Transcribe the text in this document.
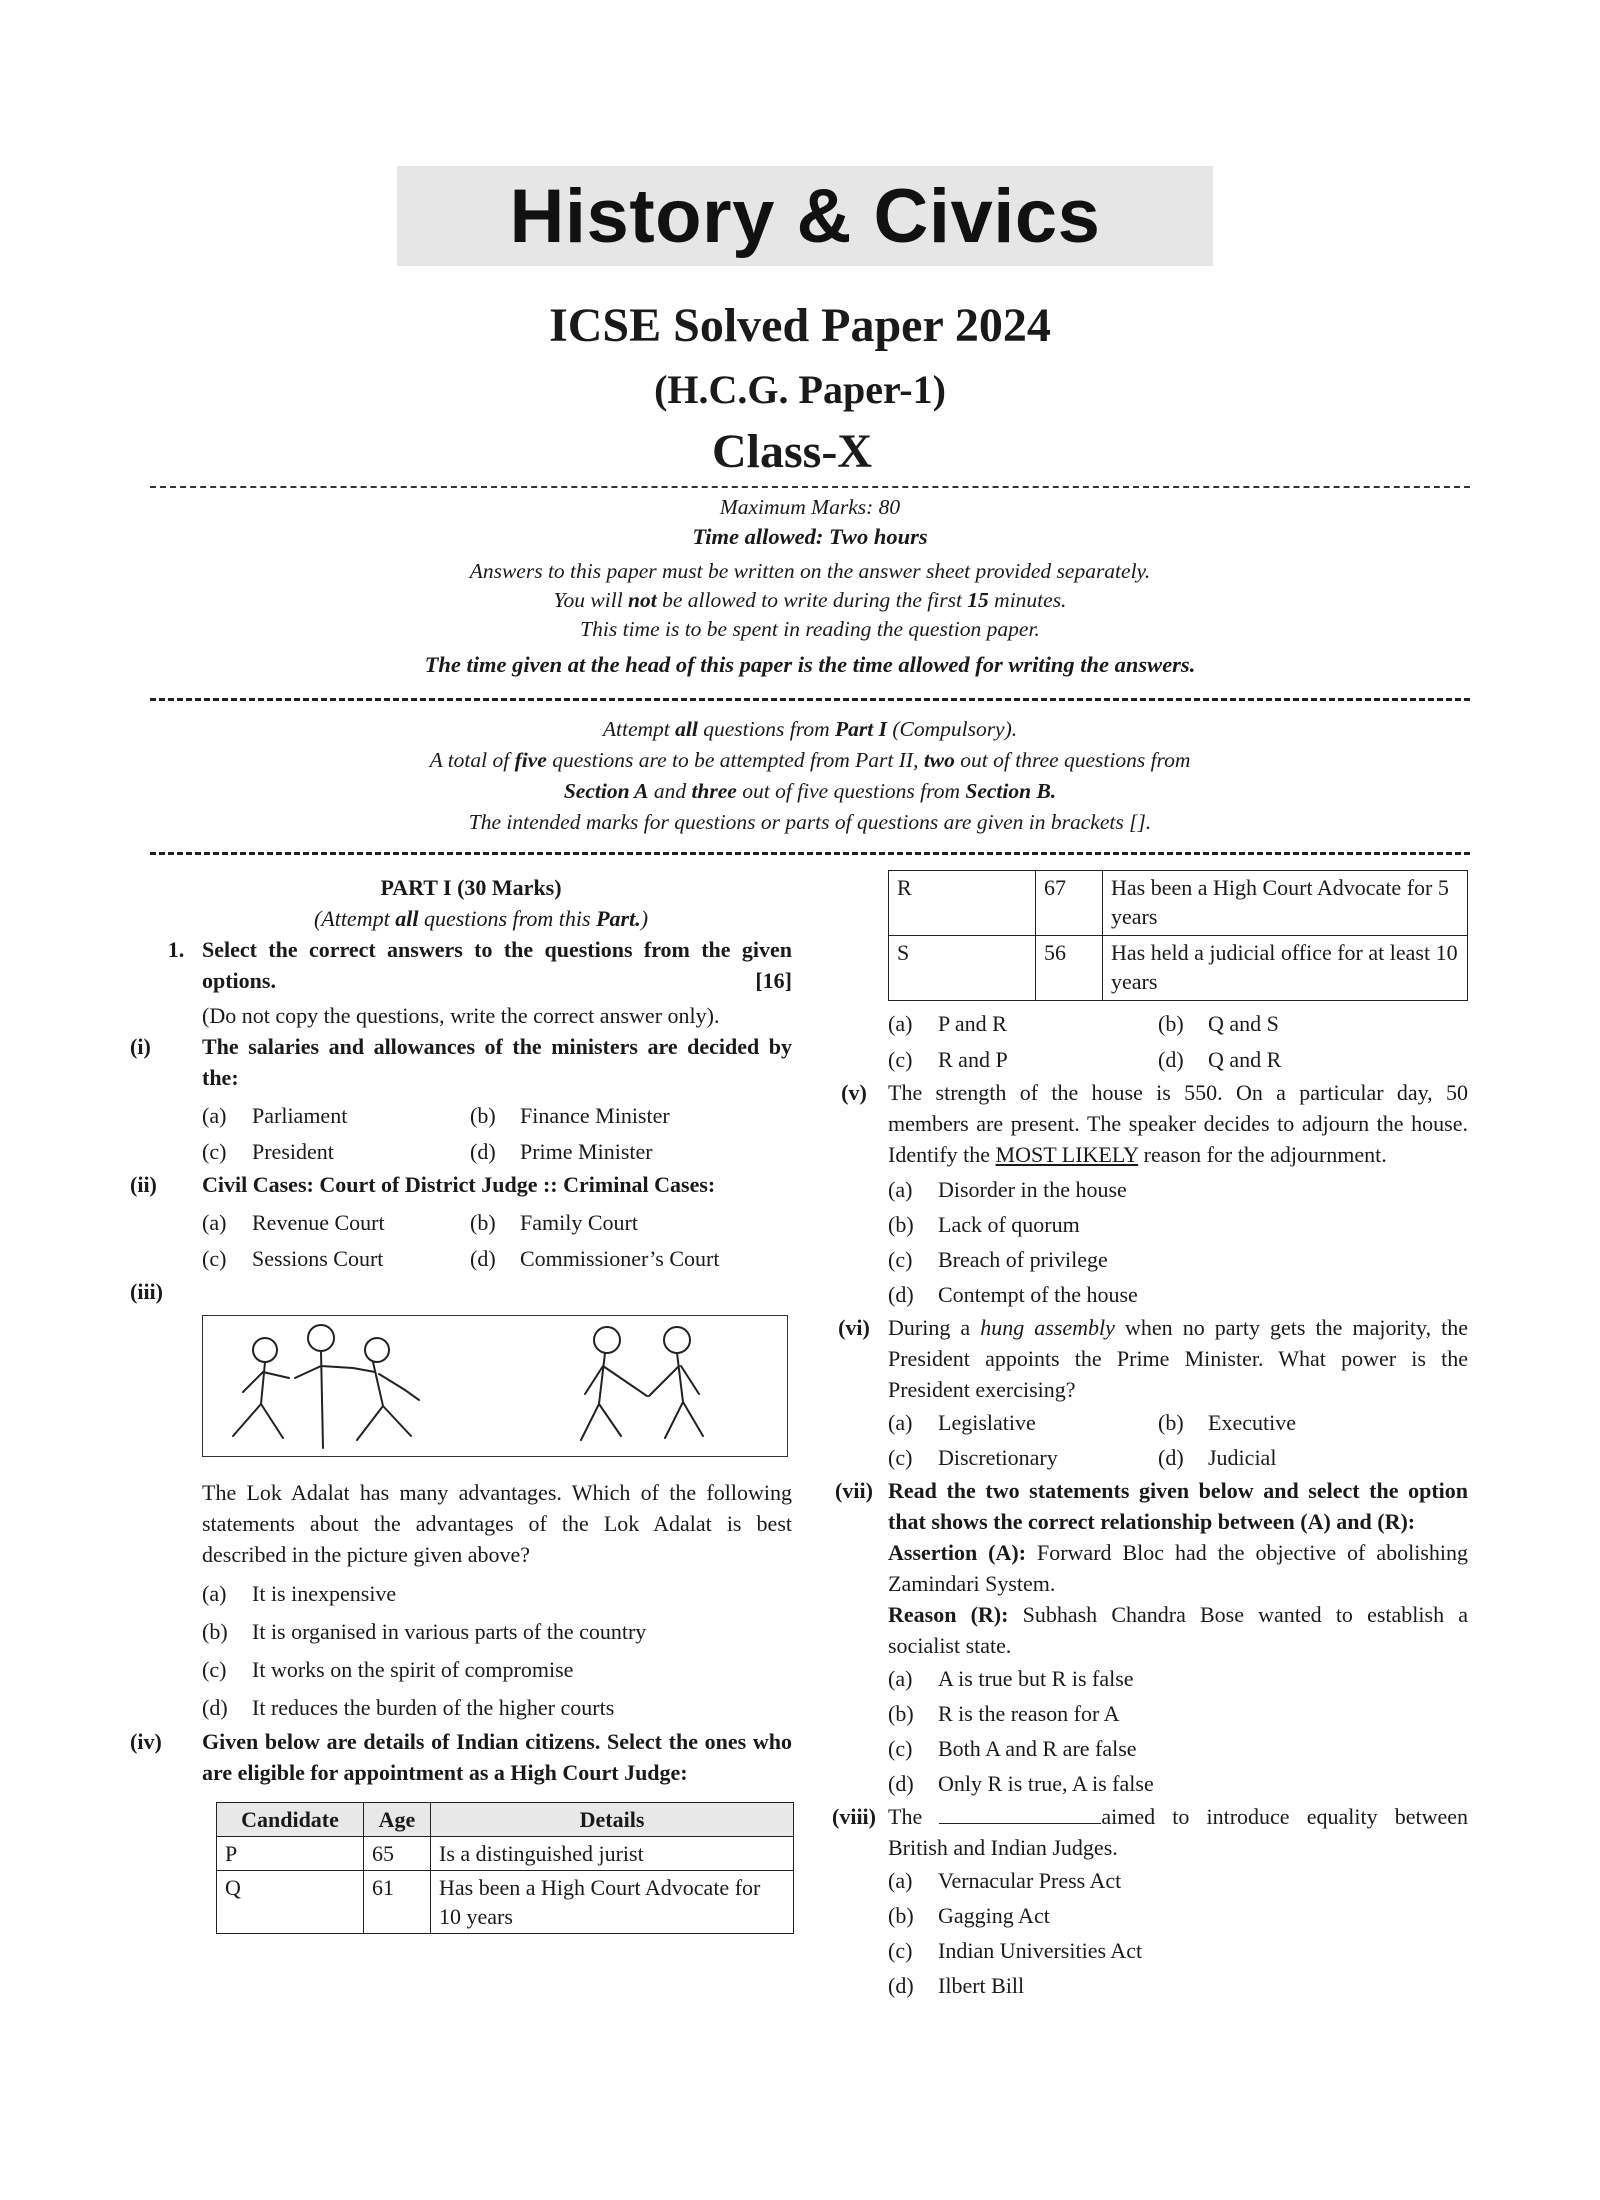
History & Civics
ICSE Solved Paper 2024
(H.C.G. Paper-1)
Class-X

Maximum Marks: 80

Time allowed: Two hours

Answers to this paper must be written on the answer sheet provided separately.

You will not be allowed to write during the first 15 minutes.

This time is to be spent in reading the question paper.

The time given at the head of this paper is the time allowed for writing the answers.

Attempt all questions from Part I (Compulsory).

A total of five questions are to be attempted from Part II, two out of three questions from

Section A and three out of five questions from Section B.

The intended marks for questions or parts of questions are given in brackets [].

PART I (30 Marks)
(Attempt all questions from this Part.)
1. Select the correct answers to the questions from the given options.	[16]
(Do not copy the questions, write the correct answer only).
(i)	The salaries and allowances of the ministers are decided by the:
(a)	Parliament	(b)	Finance Minister
(c)	President	(d)	Prime Minister
(ii)	Civil Cases: Court of District Judge :: Criminal Cases:
(a)	Revenue Court	(b)	Family Court
(c)	Sessions Court	(d)	Commissioner’s Court
(iii)
The Lok Adalat has many advantages. Which of the following statements about the advantages of the Lok Adalat is best described in the picture given above?
(a)	It is inexpensive
(b)	It is organised in various parts of the country
(c)	It works on the spirit of compromise
(d)	It reduces the burden of the higher courts
(iv)	Given below are details of Indian citizens. Select the ones who are eligible for appointment as a High Court Judge:
Candidate	Age	Details
P	65	Is a distinguished jurist
Q	61	Has been a High Court Advocate for 10 years
R	67	Has been a High Court Advocate for 5 years
S	56	Has held a judicial office for at least 10 years
(a)	P and R	(b)	Q and S
(c)	R and P	(d)	Q and R
(v) The strength of the house is 550. On a particular day, 50 members are present. The speaker decides to adjourn the house. Identify the MOST LIKELY reason for the adjournment.
(a)	Disorder in the house
(b)	Lack of quorum
(c)	Breach of privilege
(d)	Contempt of the house
(vi) During a hung assembly when no party gets the majority, the President appoints the Prime Minister. What power is the President exercising?
(a)	Legislative	(b)	Executive
(c)	Discretionary	(d)	Judicial
(vii) Read the two statements given below and select the option that shows the correct relationship between (A) and (R):
Assertion (A): Forward Bloc had the objective of abolishing Zamindari System.
Reason (R): Subhash Chandra Bose wanted to establish a socialist state.
(a)	A is true but R is false
(b)	R is the reason for A
(c)	Both A and R are false
(d)	Only R is true, A is false
(viii) The	aimed to introduce equality between British and Indian Judges.
(a)	Vernacular Press Act
(b)	Gagging Act
(c)	Indian Universities Act
(d)	Ilbert Bill
